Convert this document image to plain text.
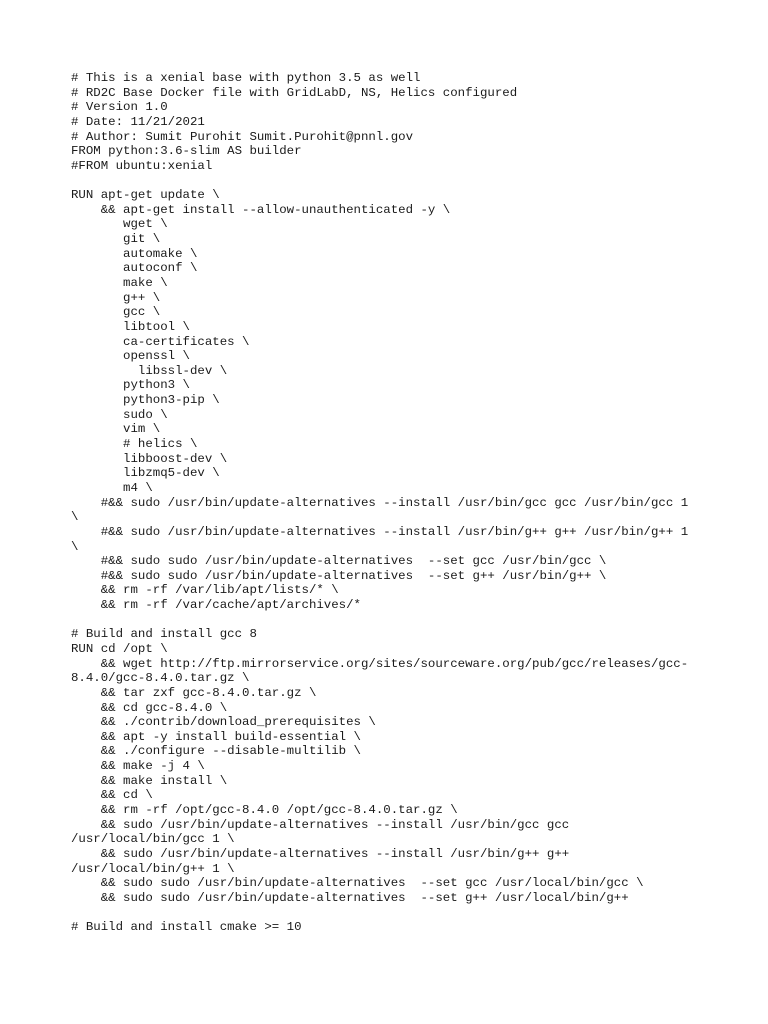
# This is a xenial base with python 3.5 as well
# RD2C Base Docker file with GridLabD, NS, Helics configured
# Version 1.0
# Date: 11/21/2021
# Author: Sumit Purohit Sumit.Purohit@pnnl.gov
FROM python:3.6-slim AS builder
#FROM ubuntu:xenial
RUN apt-get update \
&& apt-get install --allow-unauthenticated -y \
wget \
git \
automake \
autoconf \
make \
g++ \
gcc \
libtool \
ca-certificates \
openssl \
libssl-dev \
python3 \
python3-pip \
sudo \
vim \
# helics \
libboost-dev \
libzmq5-dev \
m4 \
#&& sudo /usr/bin/update-alternatives --install /usr/bin/gcc gcc /usr/bin/gcc 1
\
#&& sudo /usr/bin/update-alternatives --install /usr/bin/g++ g++ /usr/bin/g++ 1
\
#&& sudo sudo /usr/bin/update-alternatives  --set gcc /usr/bin/gcc \
#&& sudo sudo /usr/bin/update-alternatives  --set g++ /usr/bin/g++ \
&& rm -rf /var/lib/apt/lists/* \
&& rm -rf /var/cache/apt/archives/*
# Build and install gcc 8
RUN cd /opt \
&& wget http://ftp.mirrorservice.org/sites/sourceware.org/pub/gcc/releases/gcc-
8.4.0/gcc-8.4.0.tar.gz \
&& tar zxf gcc-8.4.0.tar.gz \
&& cd gcc-8.4.0 \
&& ./contrib/download_prerequisites \
&& apt -y install build-essential \
&& ./configure --disable-multilib \
&& make -j 4 \
&& make install \
&& cd \
&& rm -rf /opt/gcc-8.4.0 /opt/gcc-8.4.0.tar.gz \
&& sudo /usr/bin/update-alternatives --install /usr/bin/gcc gcc
/usr/local/bin/gcc 1 \
&& sudo /usr/bin/update-alternatives --install /usr/bin/g++ g++
/usr/local/bin/g++ 1 \
&& sudo sudo /usr/bin/update-alternatives  --set gcc /usr/local/bin/gcc \
&& sudo sudo /usr/bin/update-alternatives  --set g++ /usr/local/bin/g++
# Build and install cmake >= 10
